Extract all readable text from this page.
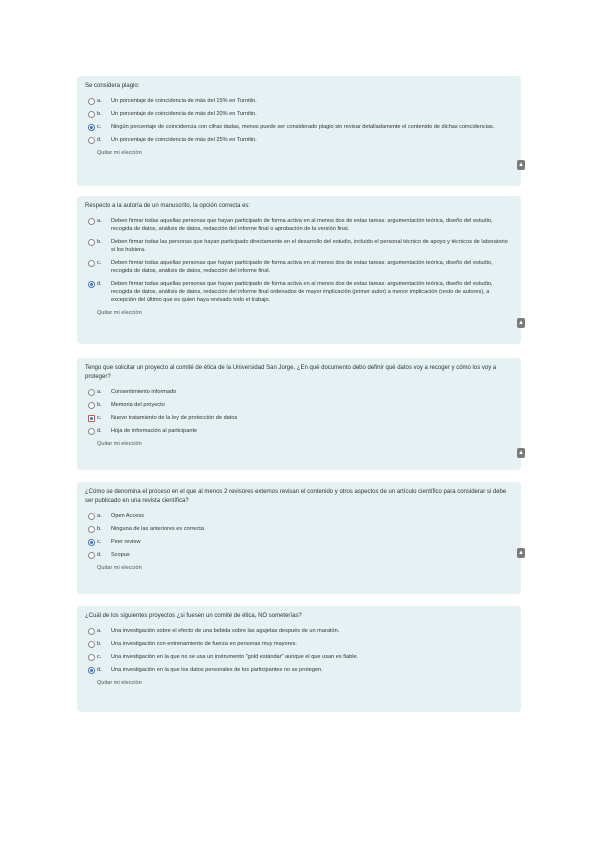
Se considera plagio:

a. Un porcentaje de coincidencia de más del 15% en Turnitin.
b. Un porcentaje de coincidencia de más del 20% en Turnitin.
c. Ningún porcentaje de coincidencia con cifras dadas, menos puede ser considerado plagio sin revisar detalladamente el contenido de dichas coincidencias.
d. Un porcentaje de coincidencia de más del 25% en Turnitin.
Quitar mi elección
▲

Respecto a la autoría de un manuscrito, la opción correcta es:

a. Deben firmar todas aquellas personas que hayan participado de forma activa en al menos dos de estas tareas: argumentación teórica, diseño del estudio, recogida de datos, análisis de datos, redacción del informe final o aprobación de la versión final.
b. Deben firmar todas las personas que hayan participado directamente en el desarrollo del estudio, incluido el personal técnico de apoyo y técnicos de laboratorio si los hubiera.
c. Deben firmar todas aquellas personas que hayan participado de forma activa en al menos dos de estas tareas: argumentación teórica, diseño del estudio, recogida de datos, análisis de datos, redacción del informe final.
d. Deben firmar todas aquellas personas que hayan participado de forma activa en al menos dos de estas tareas: argumentación teórica, diseño del estudio, recogida de datos, análisis de datos, redacción del informe final ordenados de mayor implicación (primer autor) a menor implicación (resto de autores), a excepción del último que es quien haya revisado todo el trabajo.
Quitar mi elección
▲

Tengo que solicitar un proyecto al comité de ética de la Universidad San Jorge, ¿En qué documento debo definir qué datos voy a recoger y cómo los voy a proteger?

a. Consentimiento informado
b. Memoria del proyecto
c. Nuevo tratamiento de la ley de protección de datos
d. Hoja de información al participante
Quitar mi elección
▲

¿Cómo se denomina el proceso en el que al menos 2 revisores externos revisan el contenido y otros aspectos de un artículo científico para considerar si debe ser publicado en una revista científica?

a. Open Access
b. Ninguna de las anteriores es correcta
c. Peer review
d. Scopus
Quitar mi elección
▲

¿Cuál de los siguientes proyectos ¿si fuesen un comité de ética, NO someterías?

a. Una investigación sobre el efecto de una bebida sobre las agujetas después de un maratón.
b. Una investigación con entrenamiento de fuerza en personas muy mayores.
c. Una investigación en la que no se usa un instrumento "gold estándar" aunque el que usan es fiable.
d. Una investigación en la que los datos personales de los participantes no se protegen.
Quitar mi elección
